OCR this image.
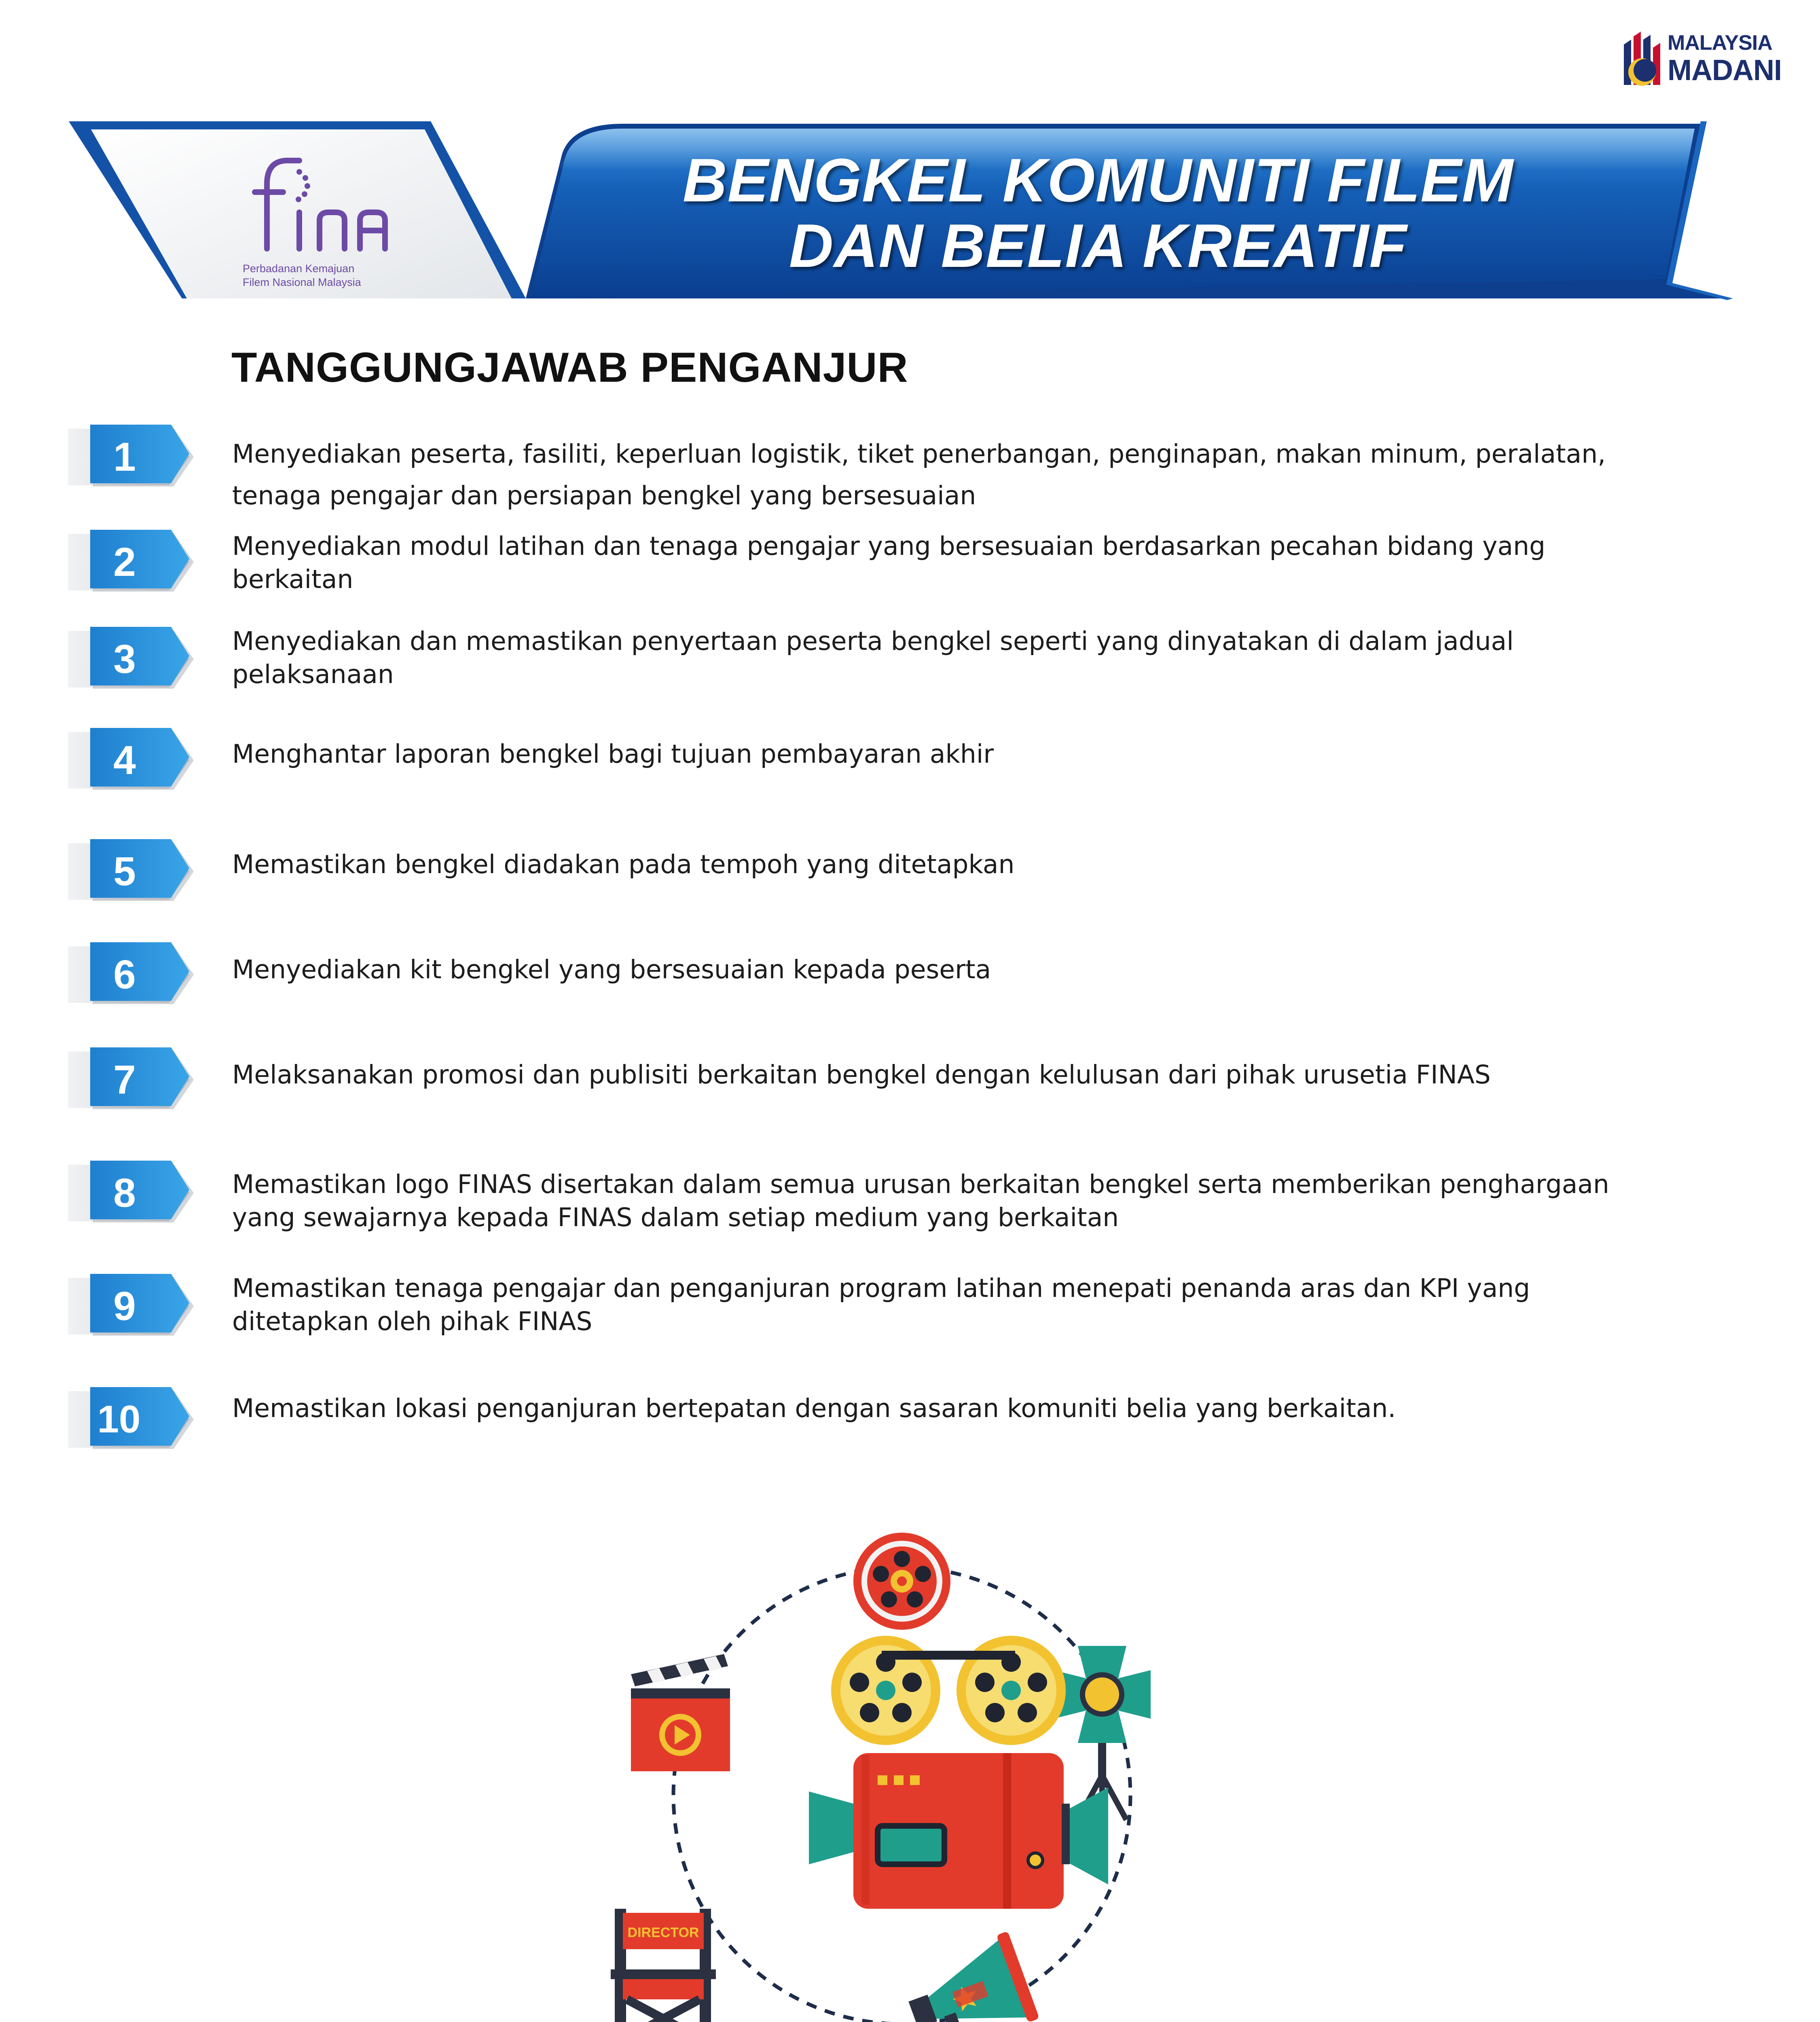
MALAYSIA
MADANI
Perbadanan Kemajuan
Filem Nasional Malaysia
BENGKEL KOMUNITI FILEM
DAN BELIA KREATIF
TANGGUNGJAWAB PENGANJUR
1	Menyediakan peserta, fasiliti, keperluan logistik, tiket penerbangan, penginapan, makan minum, peralatan,
tenaga pengajar dan persiapan bengkel yang bersesuaian
2	Menyediakan modul latihan dan tenaga pengajar yang bersesuaian berdasarkan pecahan bidang yang
berkaitan
3	Menyediakan dan memastikan penyertaan peserta bengkel seperti yang dinyatakan di dalam jadual
pelaksanaan
4	Menghantar laporan bengkel bagi tujuan pembayaran akhir
5	Memastikan bengkel diadakan pada tempoh yang ditetapkan
6	Menyediakan kit bengkel yang bersesuaian kepada peserta
7	Melaksanakan promosi dan publisiti berkaitan bengkel dengan kelulusan dari pihak urusetia FINAS
8	Memastikan logo FINAS disertakan dalam semua urusan berkaitan bengkel serta memberikan penghargaan
yang sewajarnya kepada FINAS dalam setiap medium yang berkaitan
9	Memastikan tenaga pengajar dan penganjuran program latihan menepati penanda aras dan KPI yang
ditetapkan oleh pihak FINAS
10	Memastikan lokasi penganjuran bertepatan dengan sasaran komuniti belia yang berkaitan.
DIRECTOR
